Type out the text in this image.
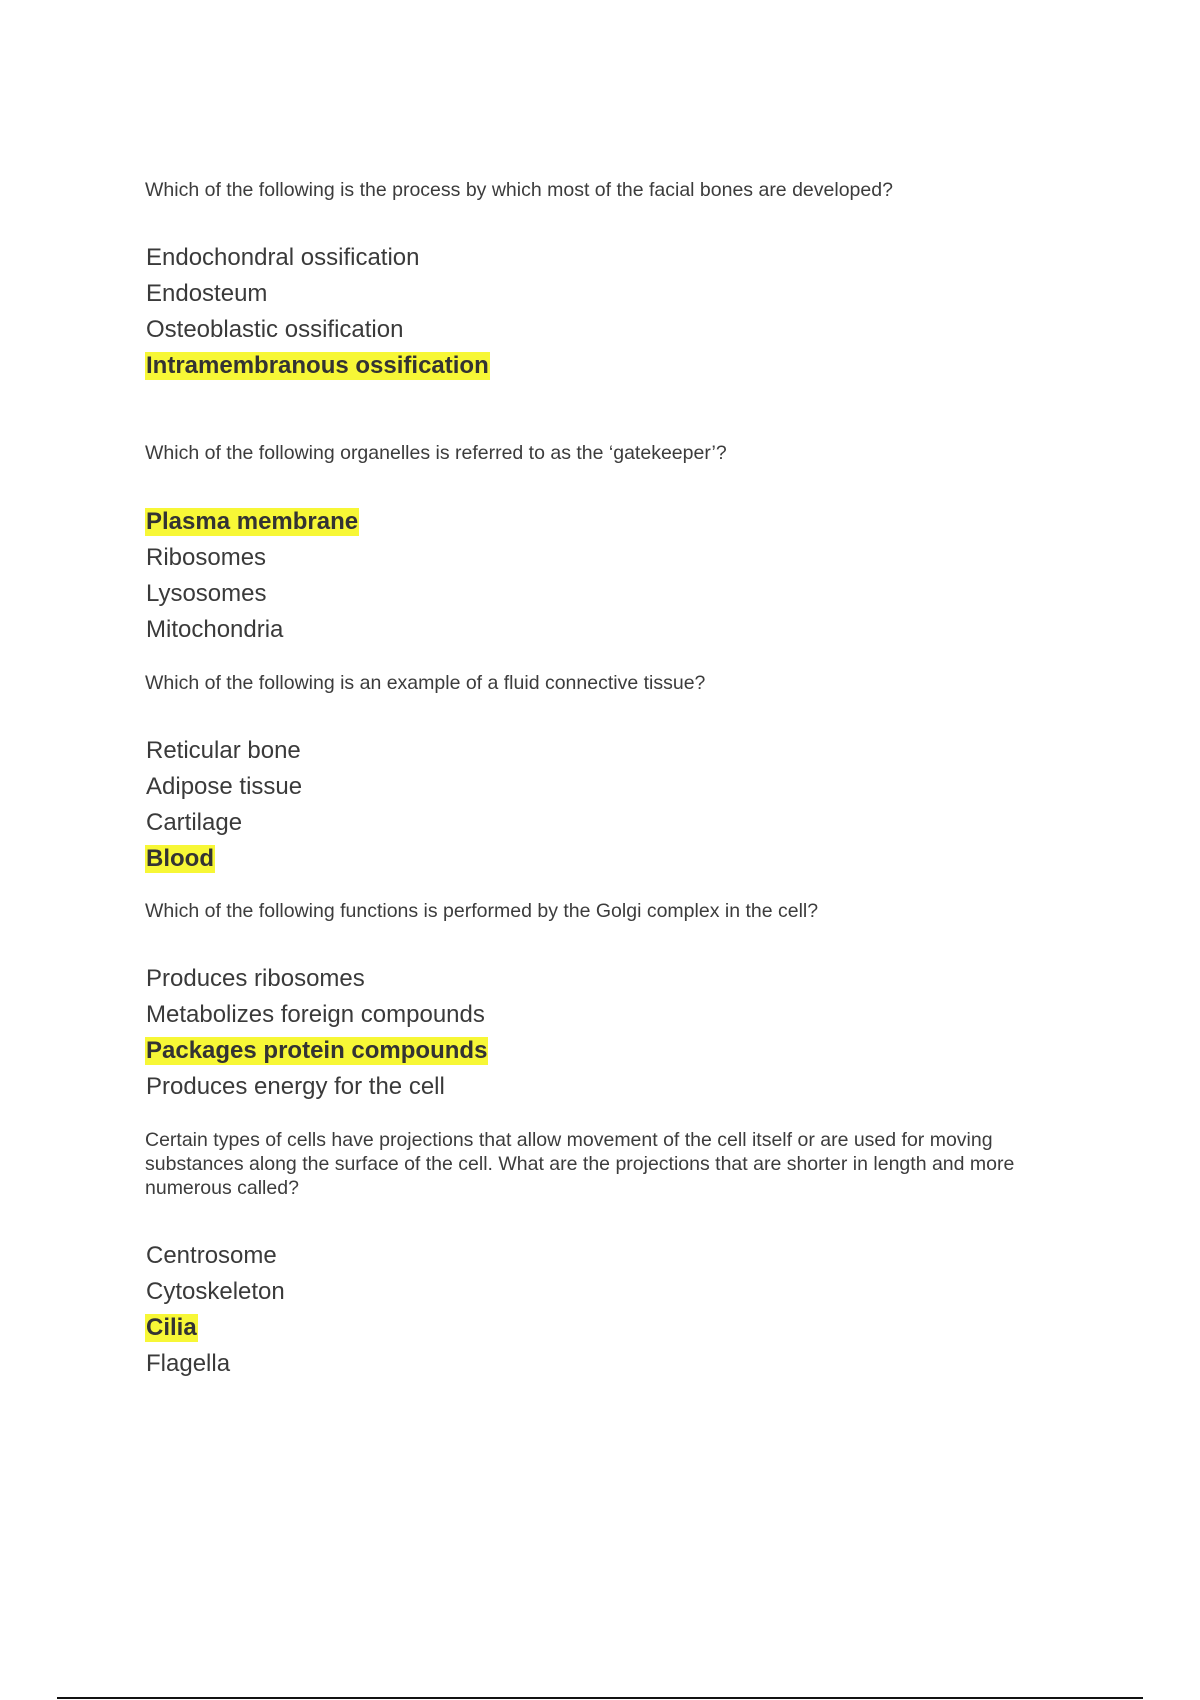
Which of the following is the process by which most of the facial bones are developed?

Endochondral ossification
Endosteum
Osteoblastic ossification
Intramembranous ossification

Which of the following organelles is referred to as the ‘gatekeeper’?

Plasma membrane
Ribosomes
Lysosomes
Mitochondria

Which of the following is an example of a fluid connective tissue?

Reticular bone
Adipose tissue
Cartilage
Blood

Which of the following functions is performed by the Golgi complex in the cell?

Produces ribosomes
Metabolizes foreign compounds
Packages protein compounds
Produces energy for the cell

Certain types of cells have projections that allow movement of the cell itself or are used for moving substances along the surface of the cell. What are the projections that are shorter in length and more numerous called?

Centrosome
Cytoskeleton
Cilia
Flagella
